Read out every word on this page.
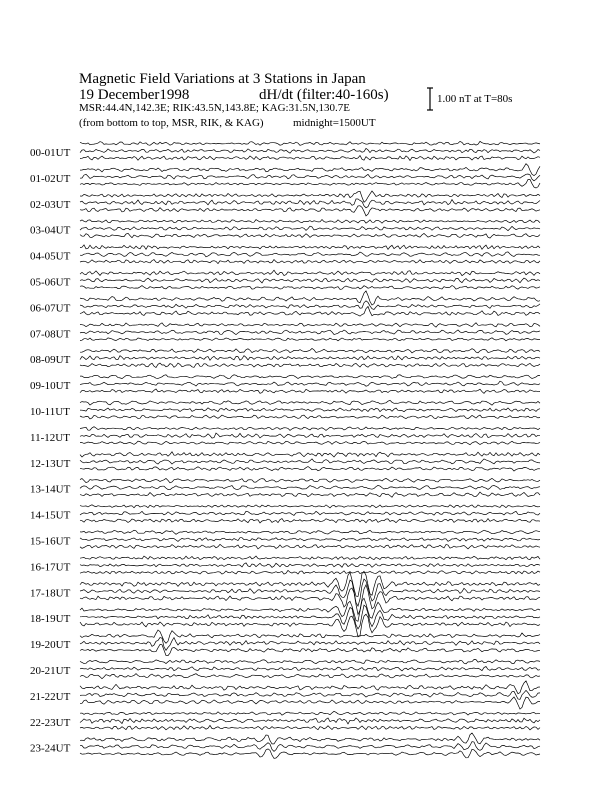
Magnetic Field Variations at 3 Stations in Japan
19 December1998	dH/dt (filter:40-160s)
MSR:44.4N,142.3E; RIK:43.5N,143.8E; KAG:31.5N,130.7E
(from bottom to top, MSR, RIK, & KAG)	midnight=1500UT
1.00 nT at T=80s
00-01UT
01-02UT
02-03UT
03-04UT
04-05UT
05-06UT
06-07UT
07-08UT
08-09UT
09-10UT
10-11UT
11-12UT
12-13UT
13-14UT
14-15UT
15-16UT
16-17UT
17-18UT
18-19UT
19-20UT
20-21UT
21-22UT
22-23UT
23-24UT
